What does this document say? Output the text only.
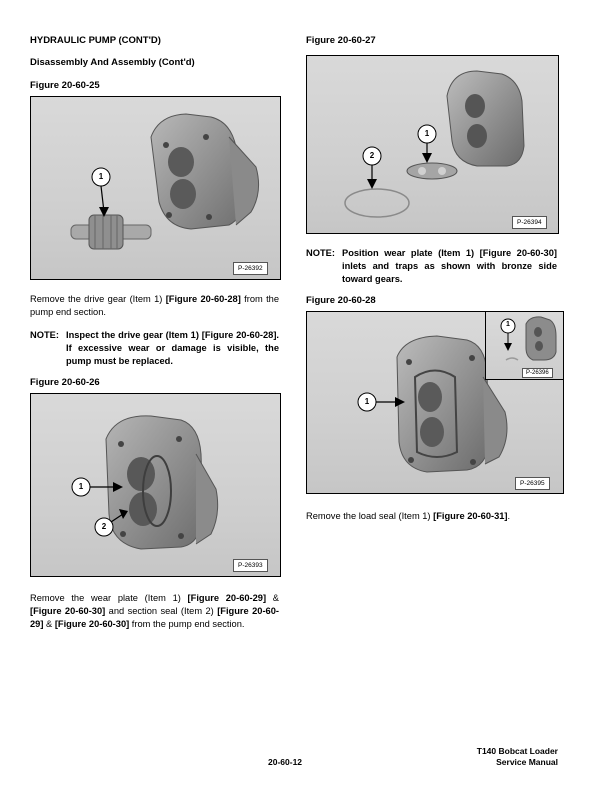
HYDRAULIC PUMP (CONT'D)
Disassembly And Assembly (Cont'd)
Figure 20-60-25
1
P-26392
Remove the drive gear (Item 1) [Figure 20-60-28] from the pump end section.
NOTE: Inspect the drive gear (Item 1) [Figure 20-60-28]. If excessive wear or damage is visible, the pump must be replaced.
Figure 20-60-26
1
2
P-26393
Remove the wear plate (Item 1) [Figure 20-60-29] & [Figure 20-60-30] and section seal (Item 2) [Figure 20-60-29] & [Figure 20-60-30] from the pump end section.
Figure 20-60-27
1
2
P-26394
NOTE: Position wear plate (Item 1) [Figure 20-60-30] inlets and traps as shown with bronze side toward gears.
Figure 20-60-28
1
1
P-26396
P-26395
Remove the load seal (Item 1) [Figure 20-60-31].
20-60-12
T140 Bobcat Loader
Service Manual
